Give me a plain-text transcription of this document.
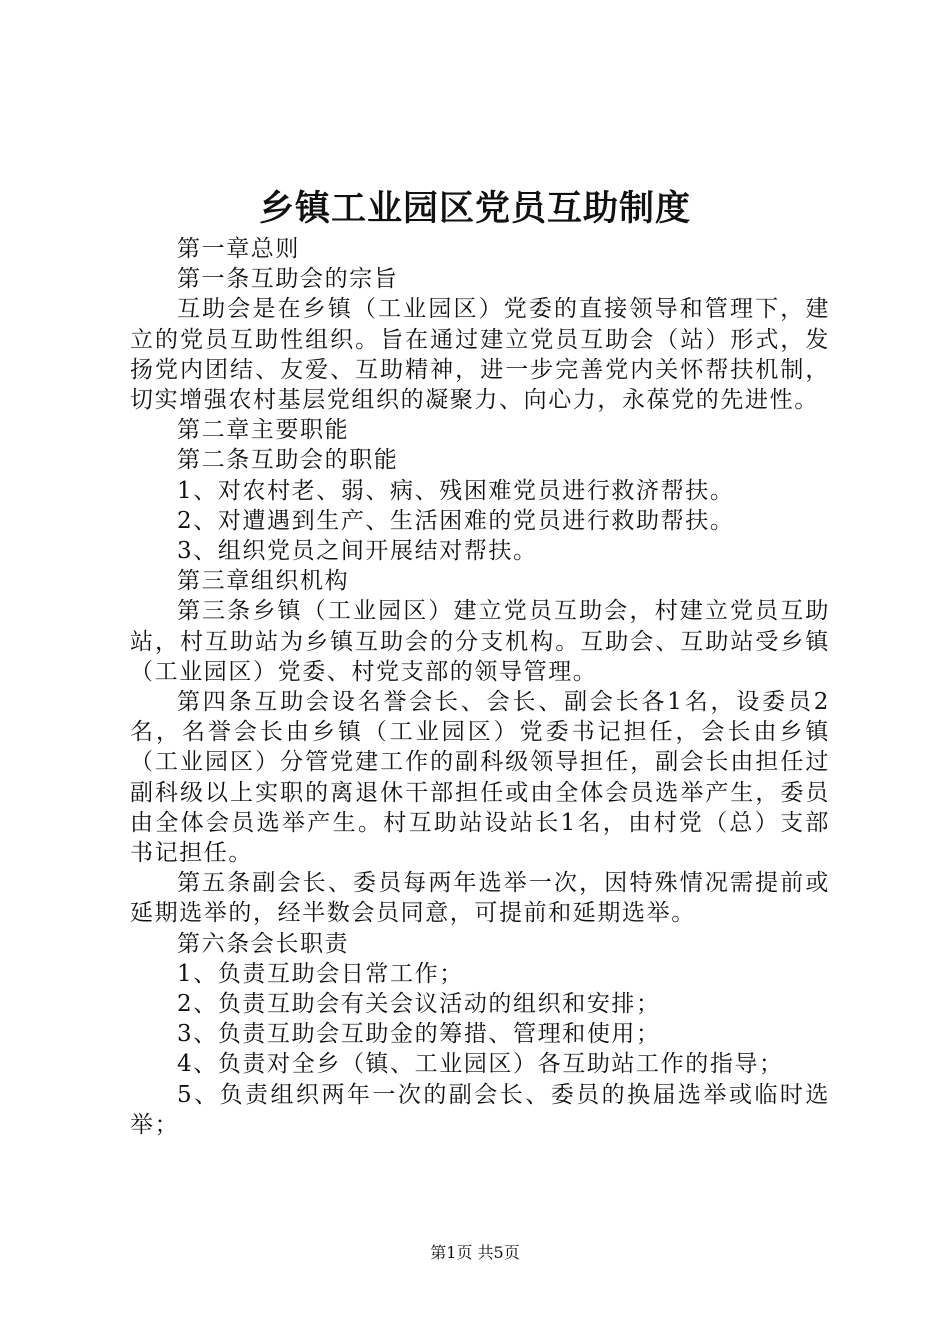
乡镇工业园区党员互助制度

第一章总则

第一条互助会的宗旨

互助会是在乡镇（工业园区）党委的直接领导和管理下，建立的党员互助性组织。旨在通过建立党员互助会（站）形式，发扬党内团结、友爱、互助精神，进一步完善党内关怀帮扶机制，切实增强农村基层党组织的凝聚力、向心力，永葆党的先进性。

第二章主要职能

第二条互助会的职能

1、对农村老、弱、病、残困难党员进行救济帮扶。

2、对遭遇到生产、生活困难的党员进行救助帮扶。

3、组织党员之间开展结对帮扶。

第三章组织机构

第三条乡镇（工业园区）建立党员互助会，村建立党员互助站，村互助站为乡镇互助会的分支机构。互助会、互助站受乡镇（工业园区）党委、村党支部的领导管理。

第四条互助会设名誉会长、会长、副会长各1名，设委员2名，名誉会长由乡镇（工业园区）党委书记担任，会长由乡镇（工业园区）分管党建工作的副科级领导担任，副会长由担任过副科级以上实职的离退休干部担任或由全体会员选举产生，委员由全体会员选举产生。村互助站设站长1名，由村党（总）支部书记担任。

第五条副会长、委员每两年选举一次，因特殊情况需提前或延期选举的，经半数会员同意，可提前和延期选举。

第六条会长职责

1、负责互助会日常工作；

2、负责互助会有关会议活动的组织和安排；

3、负责互助会互助金的筹措、管理和使用；

4、负责对全乡（镇、工业园区）各互助站工作的指导；

5、负责组织两年一次的副会长、委员的换届选举或临时选举；

第1页 共5页
